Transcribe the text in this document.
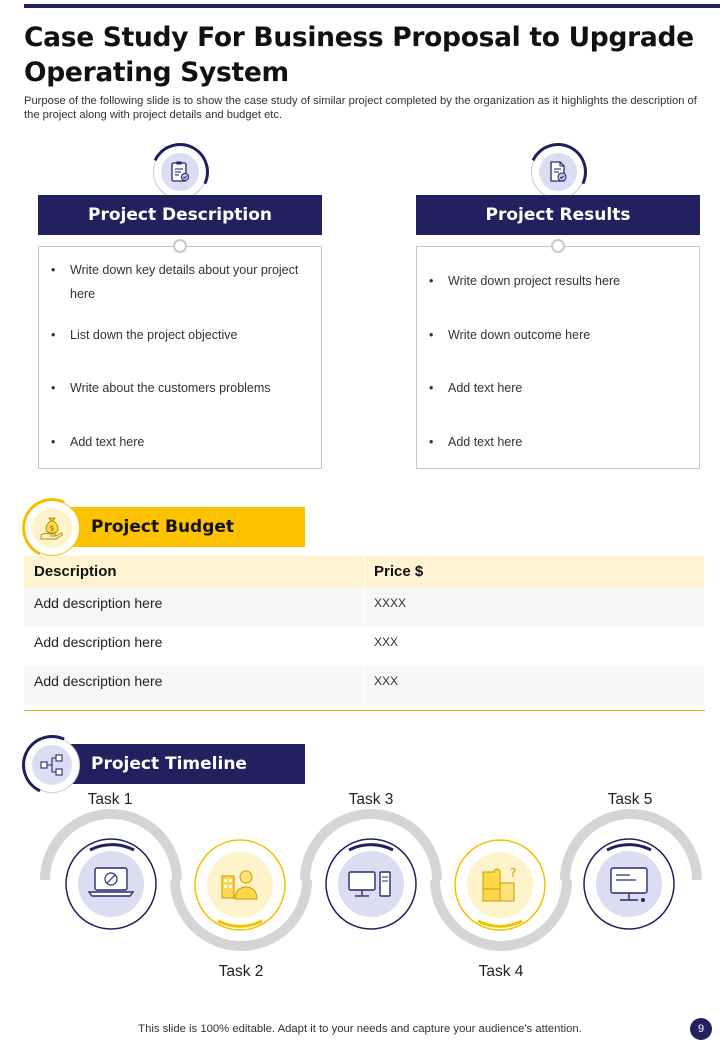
Case Study For Business Proposal to Upgrade Operating System

Purpose of the following slide is to show the case study of similar project completed by the organization as it highlights the description of the project along with project details and budget etc.

Project Description
•	Write down key details about your project here
•	List down the project objective
•	Write about the customers problems
•	Add text here
Project Results
•	Write down project results here
•	Write down outcome here
•	Add text here
•	Add text here
Project Budget
$
Description	Price $
Add description here	XXXX
Add description here	XXX
Add description here	XXX
Project Timeline
Task 1
Task 2
Task 3
Task 4
Task 5
?
This slide is 100% editable. Adapt it to your needs and capture your audience's attention.	9
